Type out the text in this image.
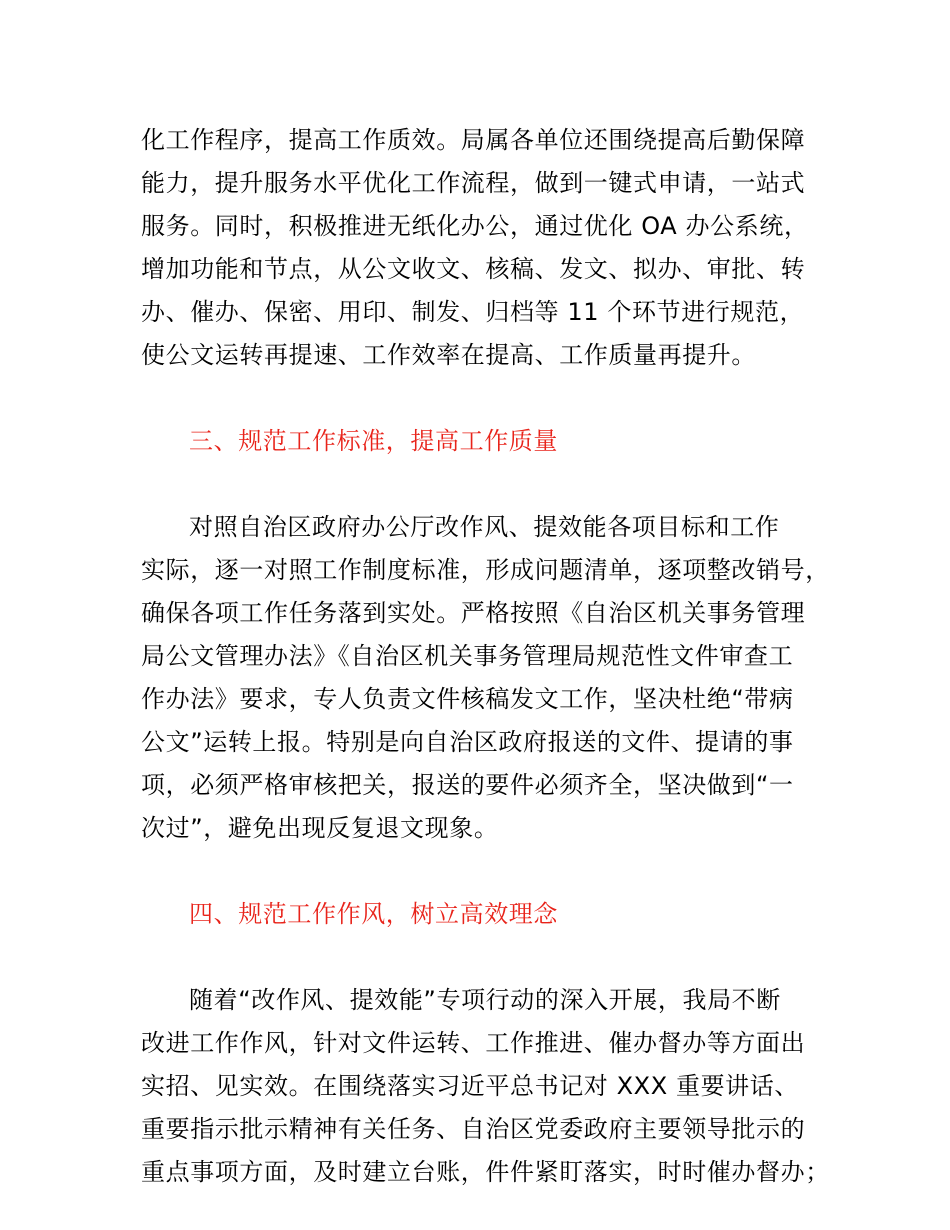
化工作程序，提高工作质效。局属各单位还围绕提高后勤保障
能力，提升服务水平优化工作流程，做到一键式申请，一站式
服务。同时，积极推进无纸化办公，通过优化 OA 办公系统，
增加功能和节点，从公文收文、核稿、发文、拟办、审批、转
办、催办、保密、用印、制发、归档等 11 个环节进行规范，
使公文运转再提速、工作效率在提高、工作质量再提升。
三、规范工作标准，提高工作质量
对照自治区政府办公厅改作风、提效能各项目标和工作
实际，逐一对照工作制度标准，形成问题清单，逐项整改销号，
确保各项工作任务落到实处。严格按照《自治区机关事务管理
局公文管理办法》《自治区机关事务管理局规范性文件审查工
作办法》要求，专人负责文件核稿发文工作，坚决杜绝“带病
公文”运转上报。特别是向自治区政府报送的文件、提请的事
项，必须严格审核把关，报送的要件必须齐全，坚决做到“一
次过”，避免出现反复退文现象。
四、规范工作作风，树立高效理念
随着“改作风、提效能”专项行动的深入开展，我局不断
改进工作作风，针对文件运转、工作推进、催办督办等方面出
实招、见实效。在围绕落实习近平总书记对 XXX 重要讲话、
重要指示批示精神有关任务、自治区党委政府主要领导批示的
重点事项方面，及时建立台账，件件紧盯落实，时时催办督办；
